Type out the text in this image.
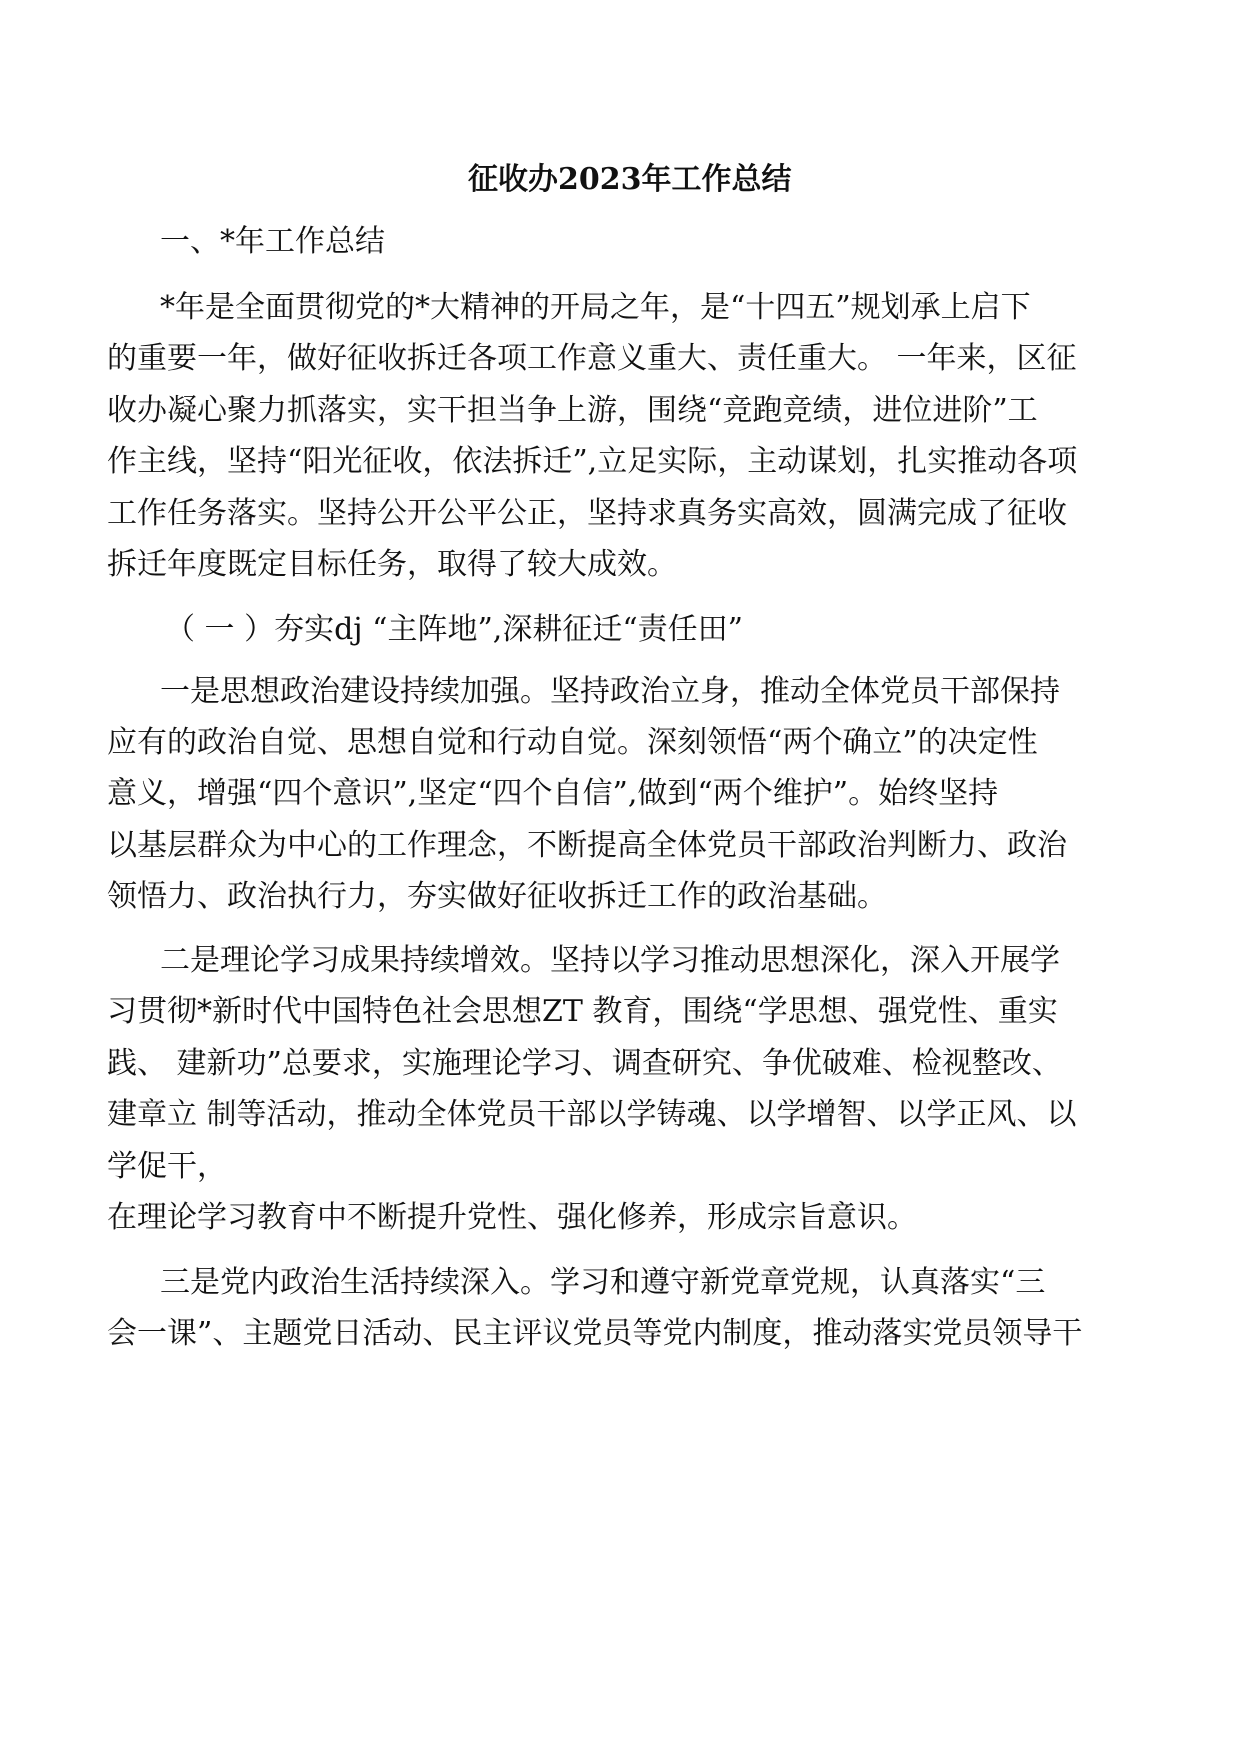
征收办2023年工作总结

一、*年工作总结

*年是全面贯彻党的*大精神的开局之年，是“十四五”规划承上启下

的重要一年，做好征收拆迁各项工作意义重大、责任重大。 一年来，区征

收办凝心聚力抓落实，实干担当争上游，围绕“竞跑竞绩，进位进阶”工

作主线，坚持“阳光征收，依法拆迁”,立足实际，主动谋划，扎实推动各项

工作任务落实。坚持公开公平公正，坚持求真务实高效，圆满完成了征收

拆迁年度既定目标任务，取得了较大成效。

（ 一 ）夯实dj “主阵地”,深耕征迁“责任田”

一是思想政治建设持续加强。坚持政治立身，推动全体党员干部保持

应有的政治自觉、思想自觉和行动自觉。深刻领悟“两个确立”的决定性

意义，增强“四个意识”,坚定“四个自信”,做到“两个维护”。始终坚持

以基层群众为中心的工作理念，不断提高全体党员干部政治判断力、政治

领悟力、政治执行力，夯实做好征收拆迁工作的政治基础。

二是理论学习成果持续增效。坚持以学习推动思想深化，深入开展学

习贯彻*新时代中国特色社会思想ZT 教育，围绕“学思想、强党性、重实

践、 建新功”总要求，实施理论学习、调查研究、争优破难、检视整改、

建章立 制等活动，推动全体党员干部以学铸魂、以学增智、以学正风、以

学促干，

在理论学习教育中不断提升党性、强化修养，形成宗旨意识。

三是党内政治生活持续深入。学习和遵守新党章党规，认真落实“三

会一课”、主题党日活动、民主评议党员等党内制度，推动落实党员领导干
